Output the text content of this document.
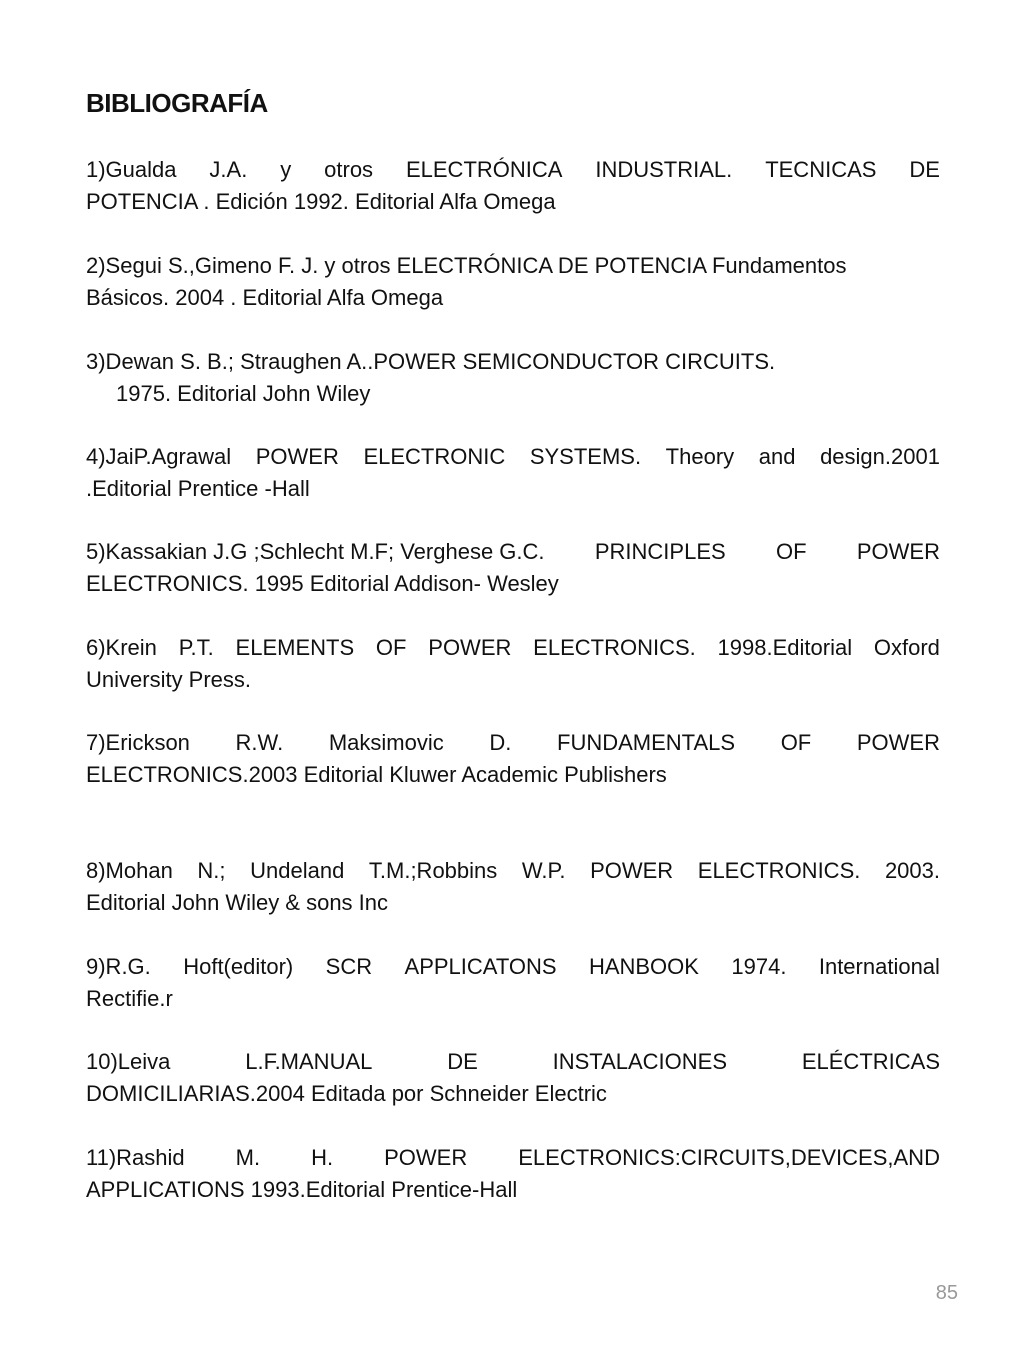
BIBLIOGRAFÍA

1)Gualda J.A. y otros ELECTRÓNICA INDUSTRIAL. TECNICAS DE
POTENCIA . Edición 1992. Editorial Alfa Omega

2)Segui S.,Gimeno F. J. y otros ELECTRÓNICA DE POTENCIA Fundamentos
Básicos. 2004 . Editorial Alfa Omega

3)Dewan S. B.; Straughen A..POWER SEMICONDUCTOR CIRCUITS.
1975. Editorial John Wiley

4)JaiP.Agrawal POWER ELECTRONIC SYSTEMS. Theory and design.2001
.Editorial Prentice -Hall

5)Kassakian J.G ;Schlecht M.F; Verghese G.C. PRINCIPLES OF POWER
ELECTRONICS. 1995 Editorial Addison- Wesley

6)Krein P.T. ELEMENTS OF POWER ELECTRONICS. 1998.Editorial Oxford
University Press.

7)Erickson R.W. Maksimovic D. FUNDAMENTALS OF POWER
ELECTRONICS.2003 Editorial Kluwer Academic Publishers

8)Mohan N.; Undeland T.M.;Robbins W.P. POWER ELECTRONICS. 2003.
Editorial John Wiley & sons Inc

9)R.G. Hoft(editor) SCR APPLICATONS HANBOOK 1974. International
Rectifie.r

10)Leiva	L.F.MANUAL	DE	INSTALACIONES	ELÉCTRICAS
DOMICILIARIAS.2004 Editada por Schneider Electric

11)Rashid M. H. POWER ELECTRONICS:CIRCUITS,DEVICES,AND
APPLICATIONS 1993.Editorial Prentice-Hall

85
